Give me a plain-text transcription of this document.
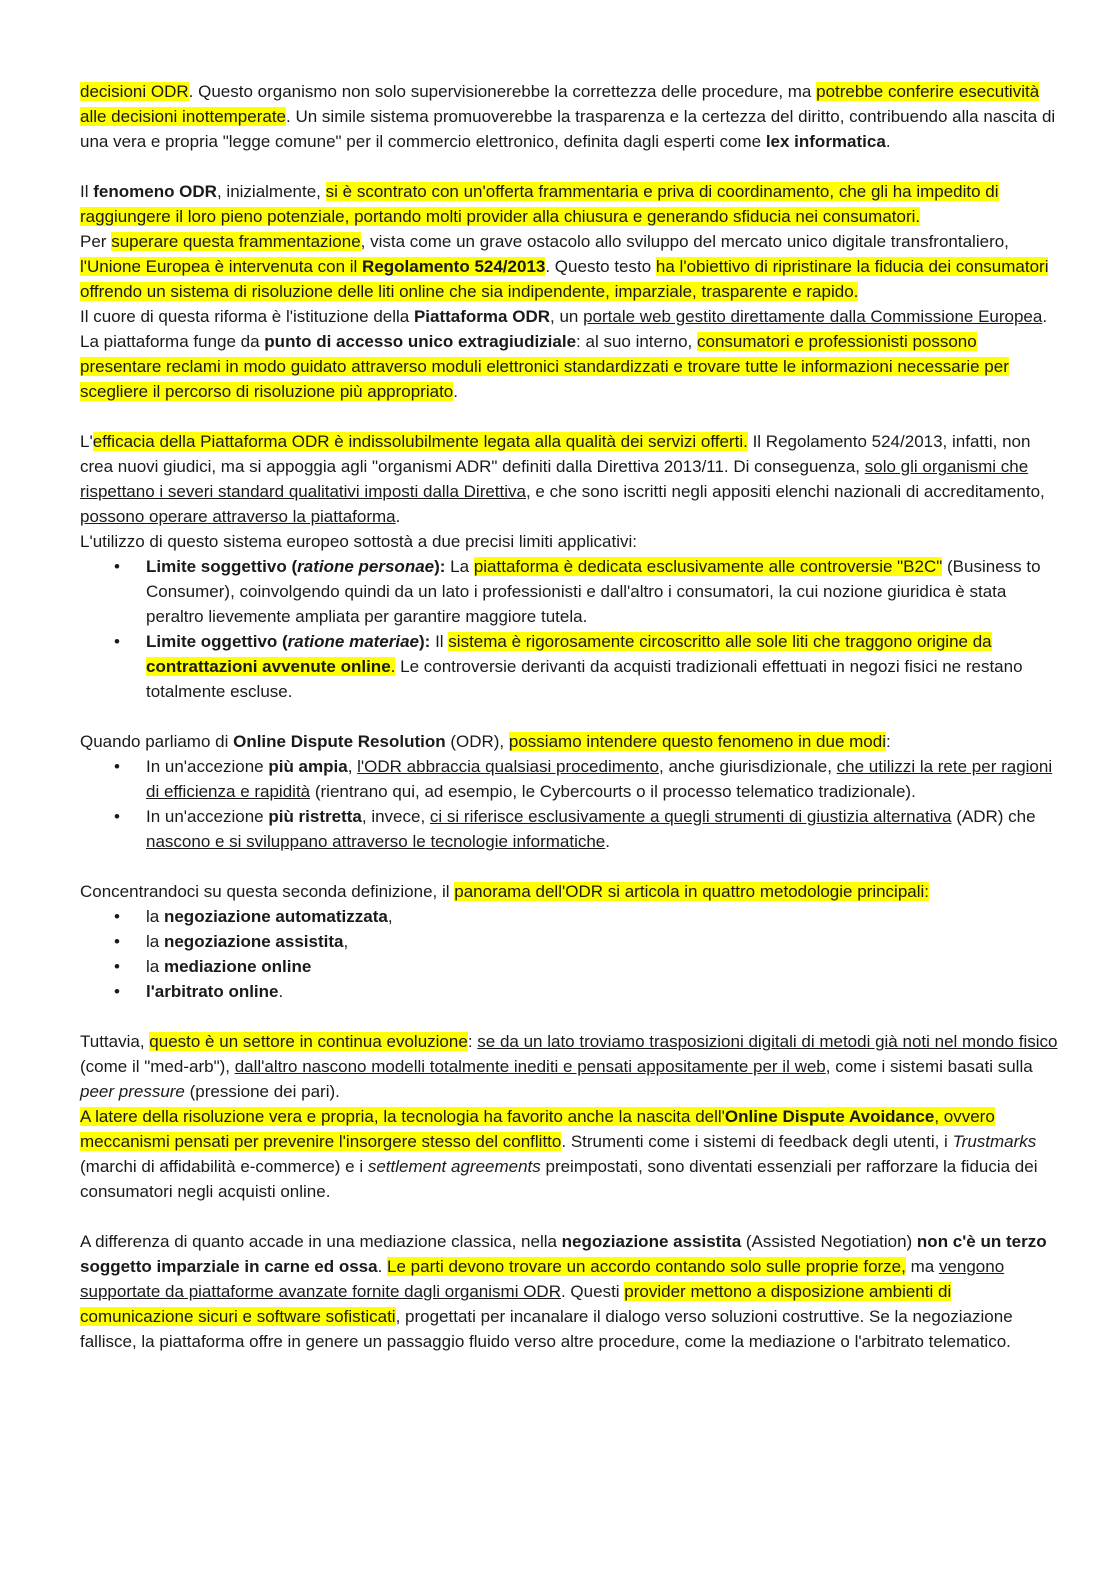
decisioni ODR. Questo organismo non solo supervisionerebbe la correttezza delle procedure, ma potrebbe conferire esecutività alle decisioni inottemperate. Un simile sistema promuoverebbe la trasparenza e la certezza del diritto, contribuendo alla nascita di una vera e propria "legge comune" per il commercio elettronico, definita dagli esperti come lex informatica.

Il fenomeno ODR, inizialmente, si è scontrato con un'offerta frammentaria e priva di coordinamento, che gli ha impedito di raggiungere il loro pieno potenziale, portando molti provider alla chiusura e generando sfiducia nei consumatori.

Per superare questa frammentazione, vista come un grave ostacolo allo sviluppo del mercato unico digitale transfrontaliero, l'Unione Europea è intervenuta con il Regolamento 524/2013. Questo testo ha l'obiettivo di ripristinare la fiducia dei consumatori offrendo un sistema di risoluzione delle liti online che sia indipendente, imparziale, trasparente e rapido.

Il cuore di questa riforma è l'istituzione della Piattaforma ODR, un portale web gestito direttamente dalla Commissione Europea. La piattaforma funge da punto di accesso unico extragiudiziale: al suo interno, consumatori e professionisti possono presentare reclami in modo guidato attraverso moduli elettronici standardizzati e trovare tutte le informazioni necessarie per scegliere il percorso di risoluzione più appropriato.

L'efficacia della Piattaforma ODR è indissolubilmente legata alla qualità dei servizi offerti. Il Regolamento 524/2013, infatti, non crea nuovi giudici, ma si appoggia agli "organismi ADR" definiti dalla Direttiva 2013/11. Di conseguenza, solo gli organismi che rispettano i severi standard qualitativi imposti dalla Direttiva, e che sono iscritti negli appositi elenchi nazionali di accreditamento, possono operare attraverso la piattaforma.

L'utilizzo di questo sistema europeo sottostà a due precisi limiti applicativi:

• Limite soggettivo (ratione personae): La piattaforma è dedicata esclusivamente alle controversie "B2C" (Business to Consumer), coinvolgendo quindi da un lato i professionisti e dall'altro i consumatori, la cui nozione giuridica è stata peraltro lievemente ampliata per garantire maggiore tutela.
• Limite oggettivo (ratione materiae): Il sistema è rigorosamente circoscritto alle sole liti che traggono origine da contrattazioni avvenute online. Le controversie derivanti da acquisti tradizionali effettuati in negozi fisici ne restano totalmente escluse.

Quando parliamo di Online Dispute Resolution (ODR), possiamo intendere questo fenomeno in due modi:

• In un'accezione più ampia, l'ODR abbraccia qualsiasi procedimento, anche giurisdizionale, che utilizzi la rete per ragioni di efficienza e rapidità (rientrano qui, ad esempio, le Cybercourts o il processo telematico tradizionale).
• In un'accezione più ristretta, invece, ci si riferisce esclusivamente a quegli strumenti di giustizia alternativa (ADR) che nascono e si sviluppano attraverso le tecnologie informatiche.

Concentrandoci su questa seconda definizione, il panorama dell'ODR si articola in quattro metodologie principali:

• la negoziazione automatizzata,
• la negoziazione assistita,
• la mediazione online
• l'arbitrato online.

Tuttavia, questo è un settore in continua evoluzione: se da un lato troviamo trasposizioni digitali di metodi già noti nel mondo fisico (come il "med-arb"), dall'altro nascono modelli totalmente inediti e pensati appositamente per il web, come i sistemi basati sulla peer pressure (pressione dei pari).

A latere della risoluzione vera e propria, la tecnologia ha favorito anche la nascita dell'Online Dispute Avoidance, ovvero meccanismi pensati per prevenire l'insorgere stesso del conflitto. Strumenti come i sistemi di feedback degli utenti, i Trustmarks (marchi di affidabilità e-commerce) e i settlement agreements preimpostati, sono diventati essenziali per rafforzare la fiducia dei consumatori negli acquisti online.

A differenza di quanto accade in una mediazione classica, nella negoziazione assistita (Assisted Negotiation) non c'è un terzo soggetto imparziale in carne ed ossa. Le parti devono trovare un accordo contando solo sulle proprie forze, ma vengono supportate da piattaforme avanzate fornite dagli organismi ODR. Questi provider mettono a disposizione ambienti di comunicazione sicuri e software sofisticati, progettati per incanalare il dialogo verso soluzioni costruttive. Se la negoziazione fallisce, la piattaforma offre in genere un passaggio fluido verso altre procedure, come la mediazione o l'arbitrato telematico.
